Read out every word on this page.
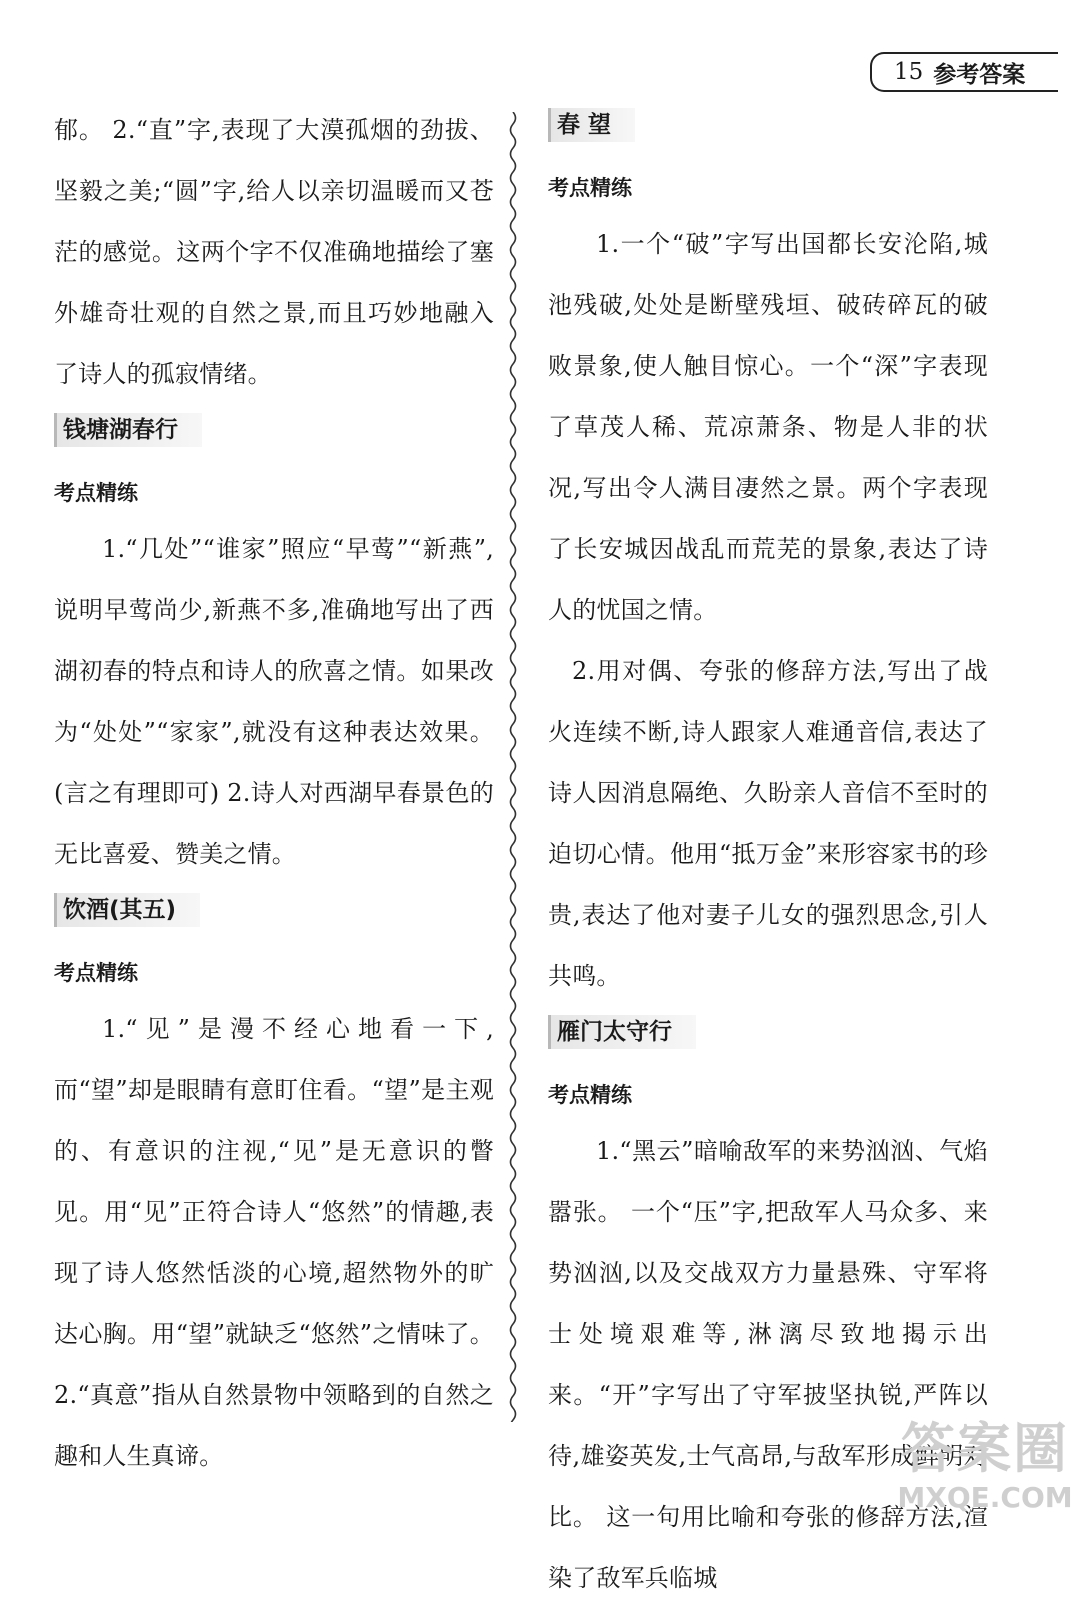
15 参考答案

郁。 2.“直”字,表现了大漠孤烟的劲拔、坚毅之美;“圆”字,给人以亲切温暖而又苍茫的感觉。这两个字不仅准确地描绘了塞外雄奇壮观的自然之景,而且巧妙地融入了诗人的孤寂情绪。

钱塘湖春行
考点精练

1.“几处”“谁家”照应“早莺”“新燕”,说明早莺尚少,新燕不多,准确地写出了西湖初春的特点和诗人的欣喜之情。如果改为“处处”“家家”,就没有这种表达效果。(言之有理即可) 2.诗人对西湖早春景色的无比喜爱、赞美之情。

饮酒(其五)
考点精练

1.“见”是漫不经心地看一下,而“望”却是眼睛有意盯住看。“望”是主观的、有意识的注视,“见”是无意识的瞥见。用“见”正符合诗人“悠然”的情趣,表现了诗人悠然恬淡的心境,超然物外的旷达心胸。用“望”就缺乏“悠然”之情味了。 2.“真意”指从自然景物中领略到的自然之趣和人生真谛。

春 望
考点精练

1.一个“破”字写出国都长安沦陷,城池残破,处处是断壁残垣、破砖碎瓦的破败景象,使人触目惊心。一个“深”字表现了草茂人稀、荒凉萧条、物是人非的状况,写出令人满目凄然之景。两个字表现了长安城因战乱而荒芜的景象,表达了诗人的忧国之情。

2.用对偶、夸张的修辞方法,写出了战火连续不断,诗人跟家人难通音信,表达了诗人因消息隔绝、久盼亲人音信不至时的迫切心情。他用“抵万金”来形容家书的珍贵,表达了他对妻子儿女的强烈思念,引人共鸣。

雁门太守行
考点精练

1.“黑云”暗喻敌军的来势汹汹、气焰嚣张。 一个“压”字,把敌军人马众多、来势汹汹,以及交战双方力量悬殊、守军将士处境艰难等,淋漓尽致地揭示出来。“开”字写出了守军披坚执锐,严阵以待,雄姿英发,士气高昂,与敌军形成鲜明对比。 这一句用比喻和夸张的修辞方法,渲染了敌军兵临城

答案圈
MXQE.COM
